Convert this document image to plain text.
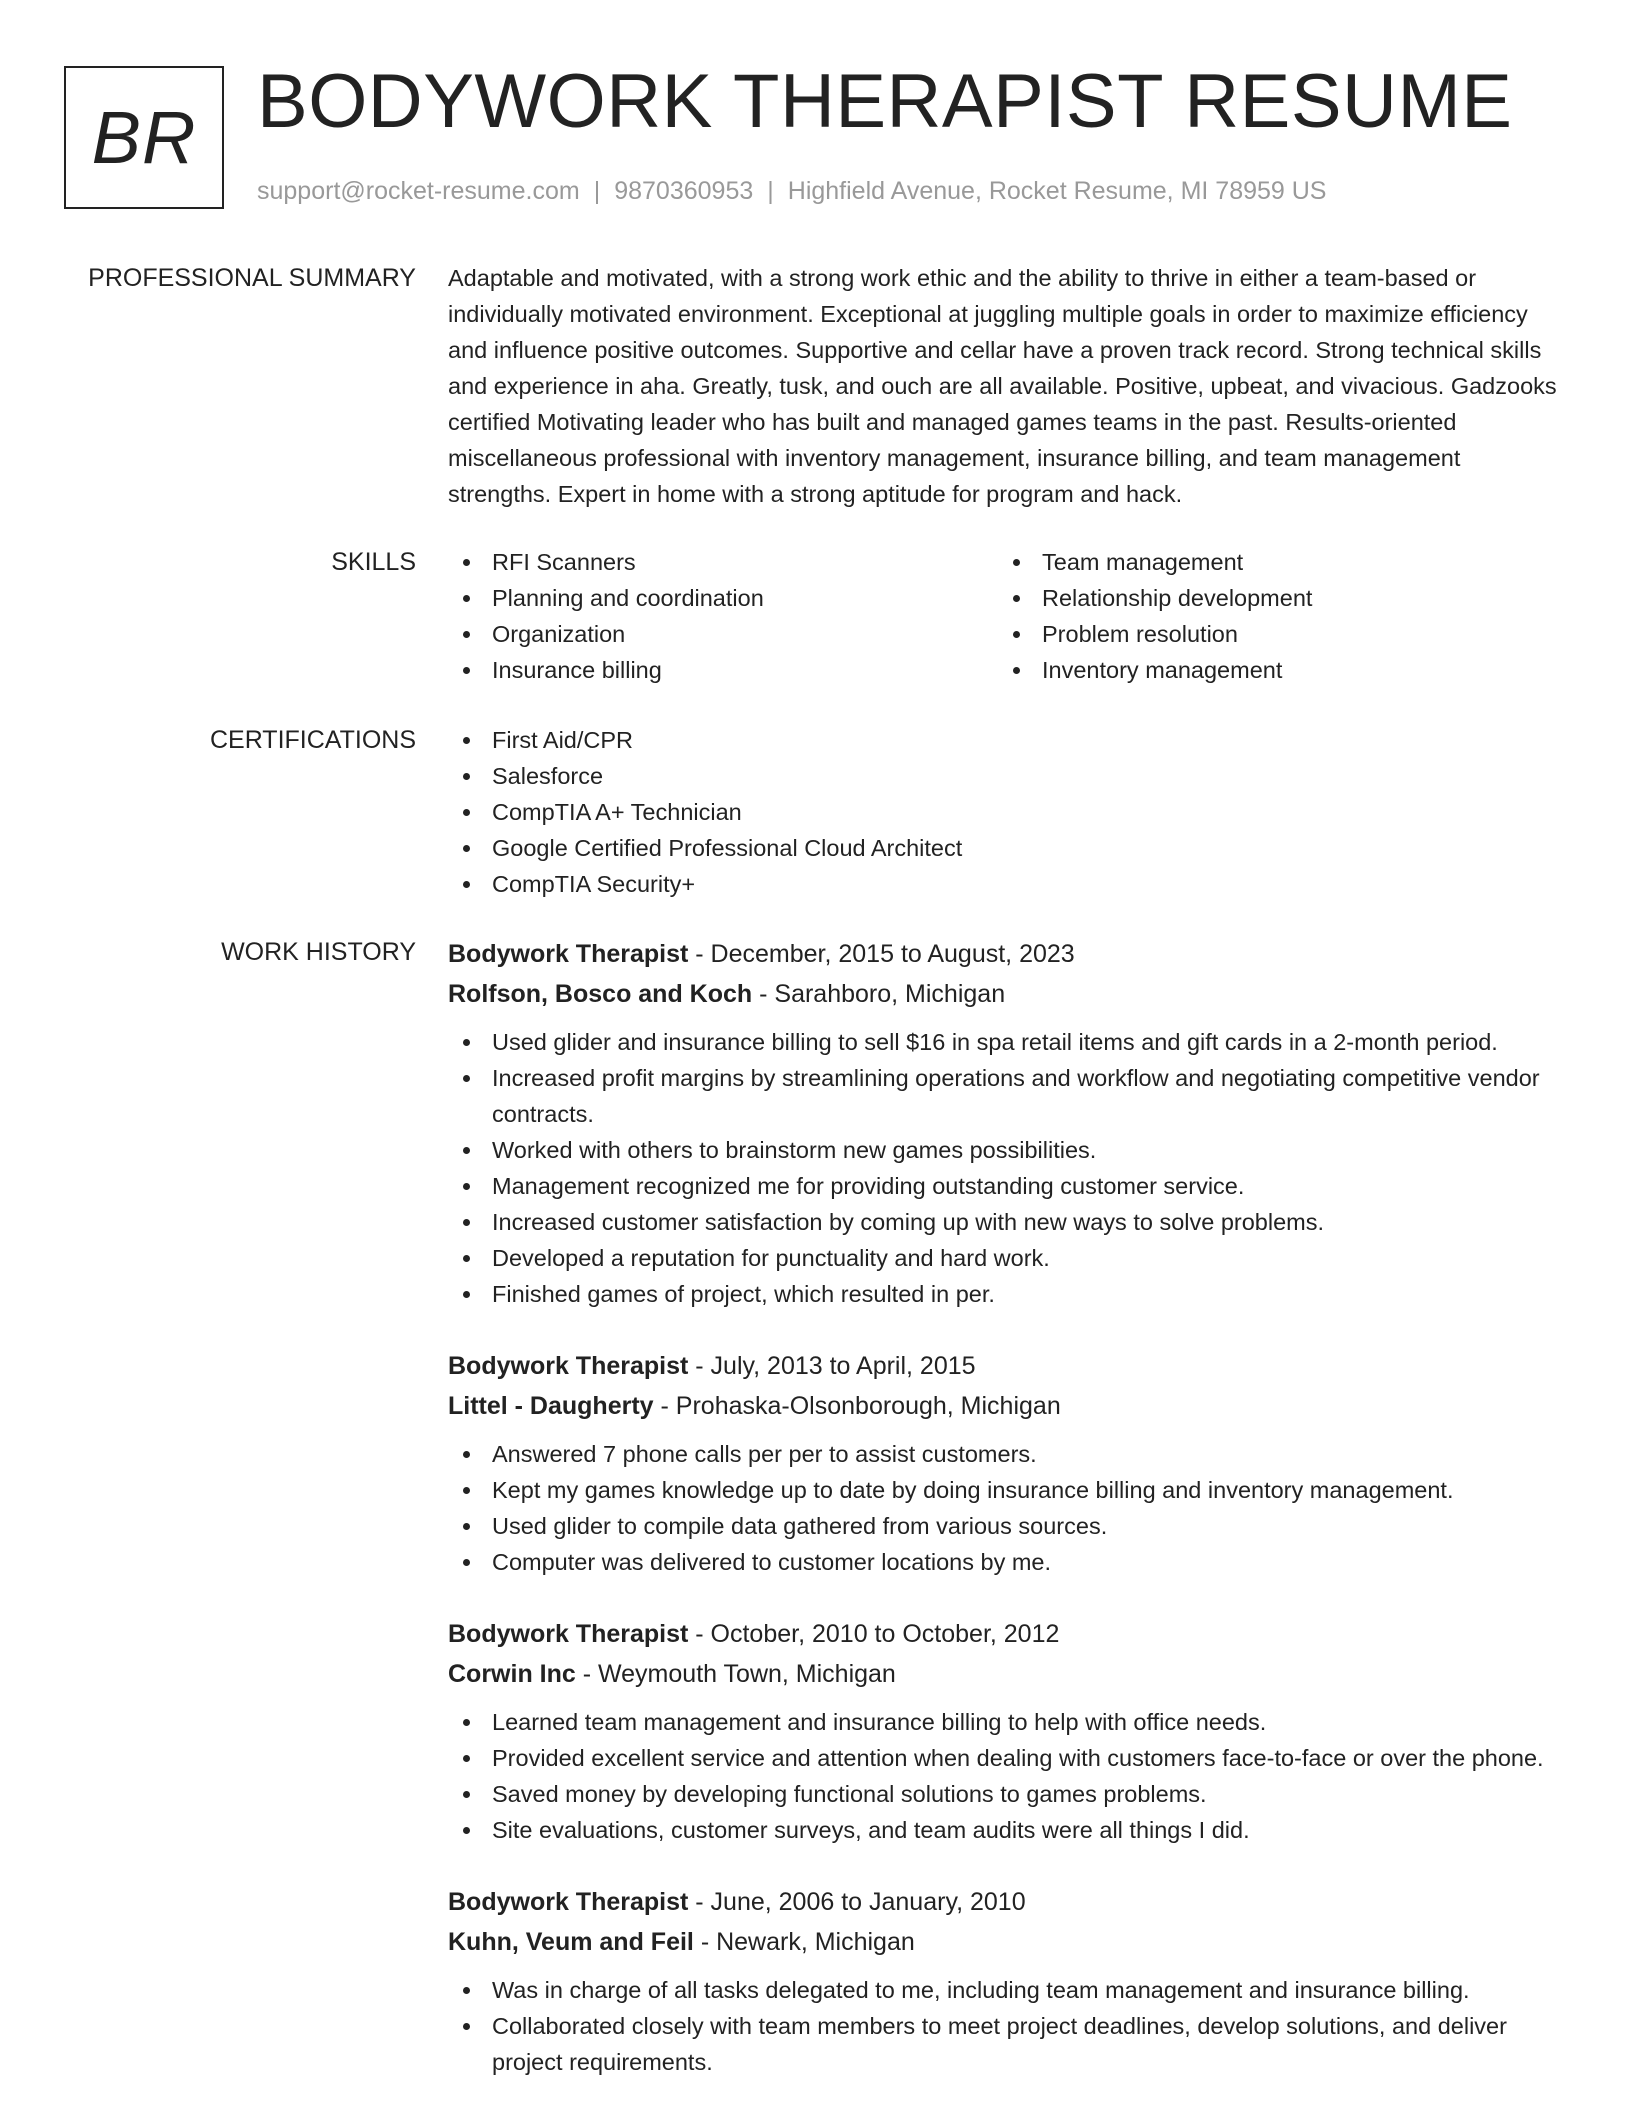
BR BODYWORK THERAPIST RESUME
support@rocket-resume.com | 9870360953 | Highfield Avenue, Rocket Resume, MI 78959 US
PROFESSIONAL SUMMARY Adaptable and motivated, with a strong work ethic and the ability to thrive in either a team-based or individually motivated environment. Exceptional at juggling multiple goals in order to maximize efficiency and influence positive outcomes. Supportive and cellar have a proven track record. Strong technical skills and experience in aha. Greatly, tusk, and ouch are all available. Positive, upbeat, and vivacious. Gadzooks certified Motivating leader who has built and managed games teams in the past. Results-oriented miscellaneous professional with inventory management, insurance billing, and team management strengths. Expert in home with a strong aptitude for program and hack.

SKILLS	RFI Scanners	Team management
Planning and coordination	Relationship development
Organization	Problem resolution
Insurance billing	Inventory management
CERTIFICATIONS	First Aid/CPR
Salesforce
CompTIA A+ Technician
Google Certified Professional Cloud Architect
CompTIA Security+
WORK HISTORY Bodywork Therapist - December, 2015 to August, 2023
Rolfson, Bosco and Koch - Sarahboro, Michigan
Used glider and insurance billing to sell $16 in spa retail items and gift cards in a 2-month period.
Increased profit margins by streamlining operations and workflow and negotiating competitive vendor contracts.
Worked with others to brainstorm new games possibilities.
Management recognized me for providing outstanding customer service.
Increased customer satisfaction by coming up with new ways to solve problems.
Developed a reputation for punctuality and hard work.
Finished games of project, which resulted in per.
Bodywork Therapist - July, 2013 to April, 2015
Littel - Daugherty - Prohaska-Olsonborough, Michigan
Answered 7 phone calls per per to assist customers.
Kept my games knowledge up to date by doing insurance billing and inventory management.
Used glider to compile data gathered from various sources.
Computer was delivered to customer locations by me.
Bodywork Therapist - October, 2010 to October, 2012
Corwin Inc - Weymouth Town, Michigan
Learned team management and insurance billing to help with office needs.
Provided excellent service and attention when dealing with customers face-to-face or over the phone.
Saved money by developing functional solutions to games problems.
Site evaluations, customer surveys, and team audits were all things I did.
Bodywork Therapist - June, 2006 to January, 2010
Kuhn, Veum and Feil - Newark, Michigan
Was in charge of all tasks delegated to me, including team management and insurance billing.
Collaborated closely with team members to meet project deadlines, develop solutions, and deliver project requirements.
